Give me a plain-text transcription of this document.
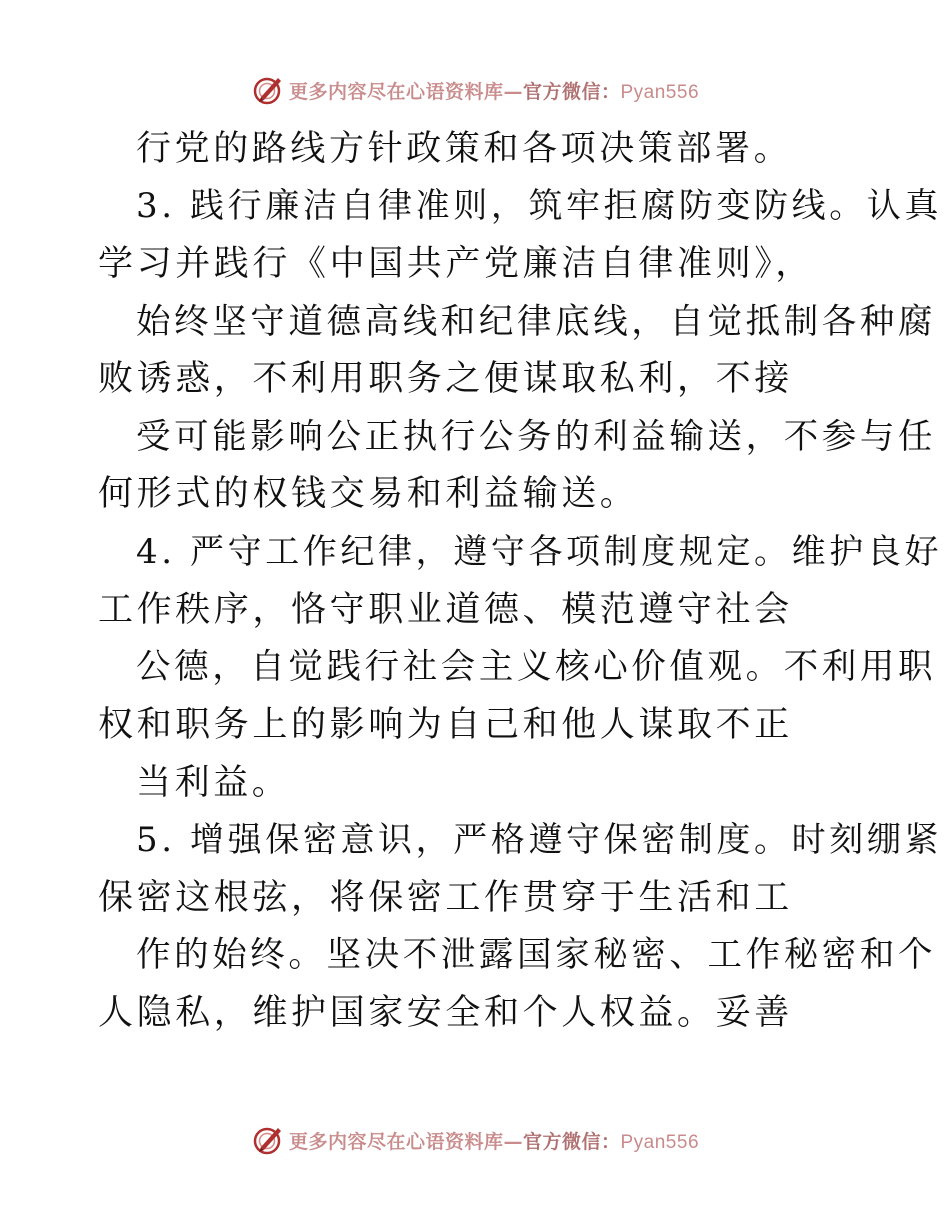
更多内容尽在心语资料库—官方微信：Pyan556
行党的路线方针政策和各项决策部署。
3. 践行廉洁自律准则，筑牢拒腐防变防线。认真
学习并践行《中国共产党廉洁自律准则》，
始终坚守道德高线和纪律底线，自觉抵制各种腐
败诱惑，不利用职务之便谋取私利，不接
受可能影响公正执行公务的利益输送，不参与任
何形式的权钱交易和利益输送。
4. 严守工作纪律，遵守各项制度规定。维护良好
工作秩序，恪守职业道德、模范遵守社会
公德，自觉践行社会主义核心价值观。不利用职
权和职务上的影响为自己和他人谋取不正
当利益。
5. 增强保密意识，严格遵守保密制度。时刻绷紧
保密这根弦，将保密工作贯穿于生活和工
作的始终。坚决不泄露国家秘密、工作秘密和个
人隐私，维护国家安全和个人权益。妥善
更多内容尽在心语资料库—官方微信：Pyan556
